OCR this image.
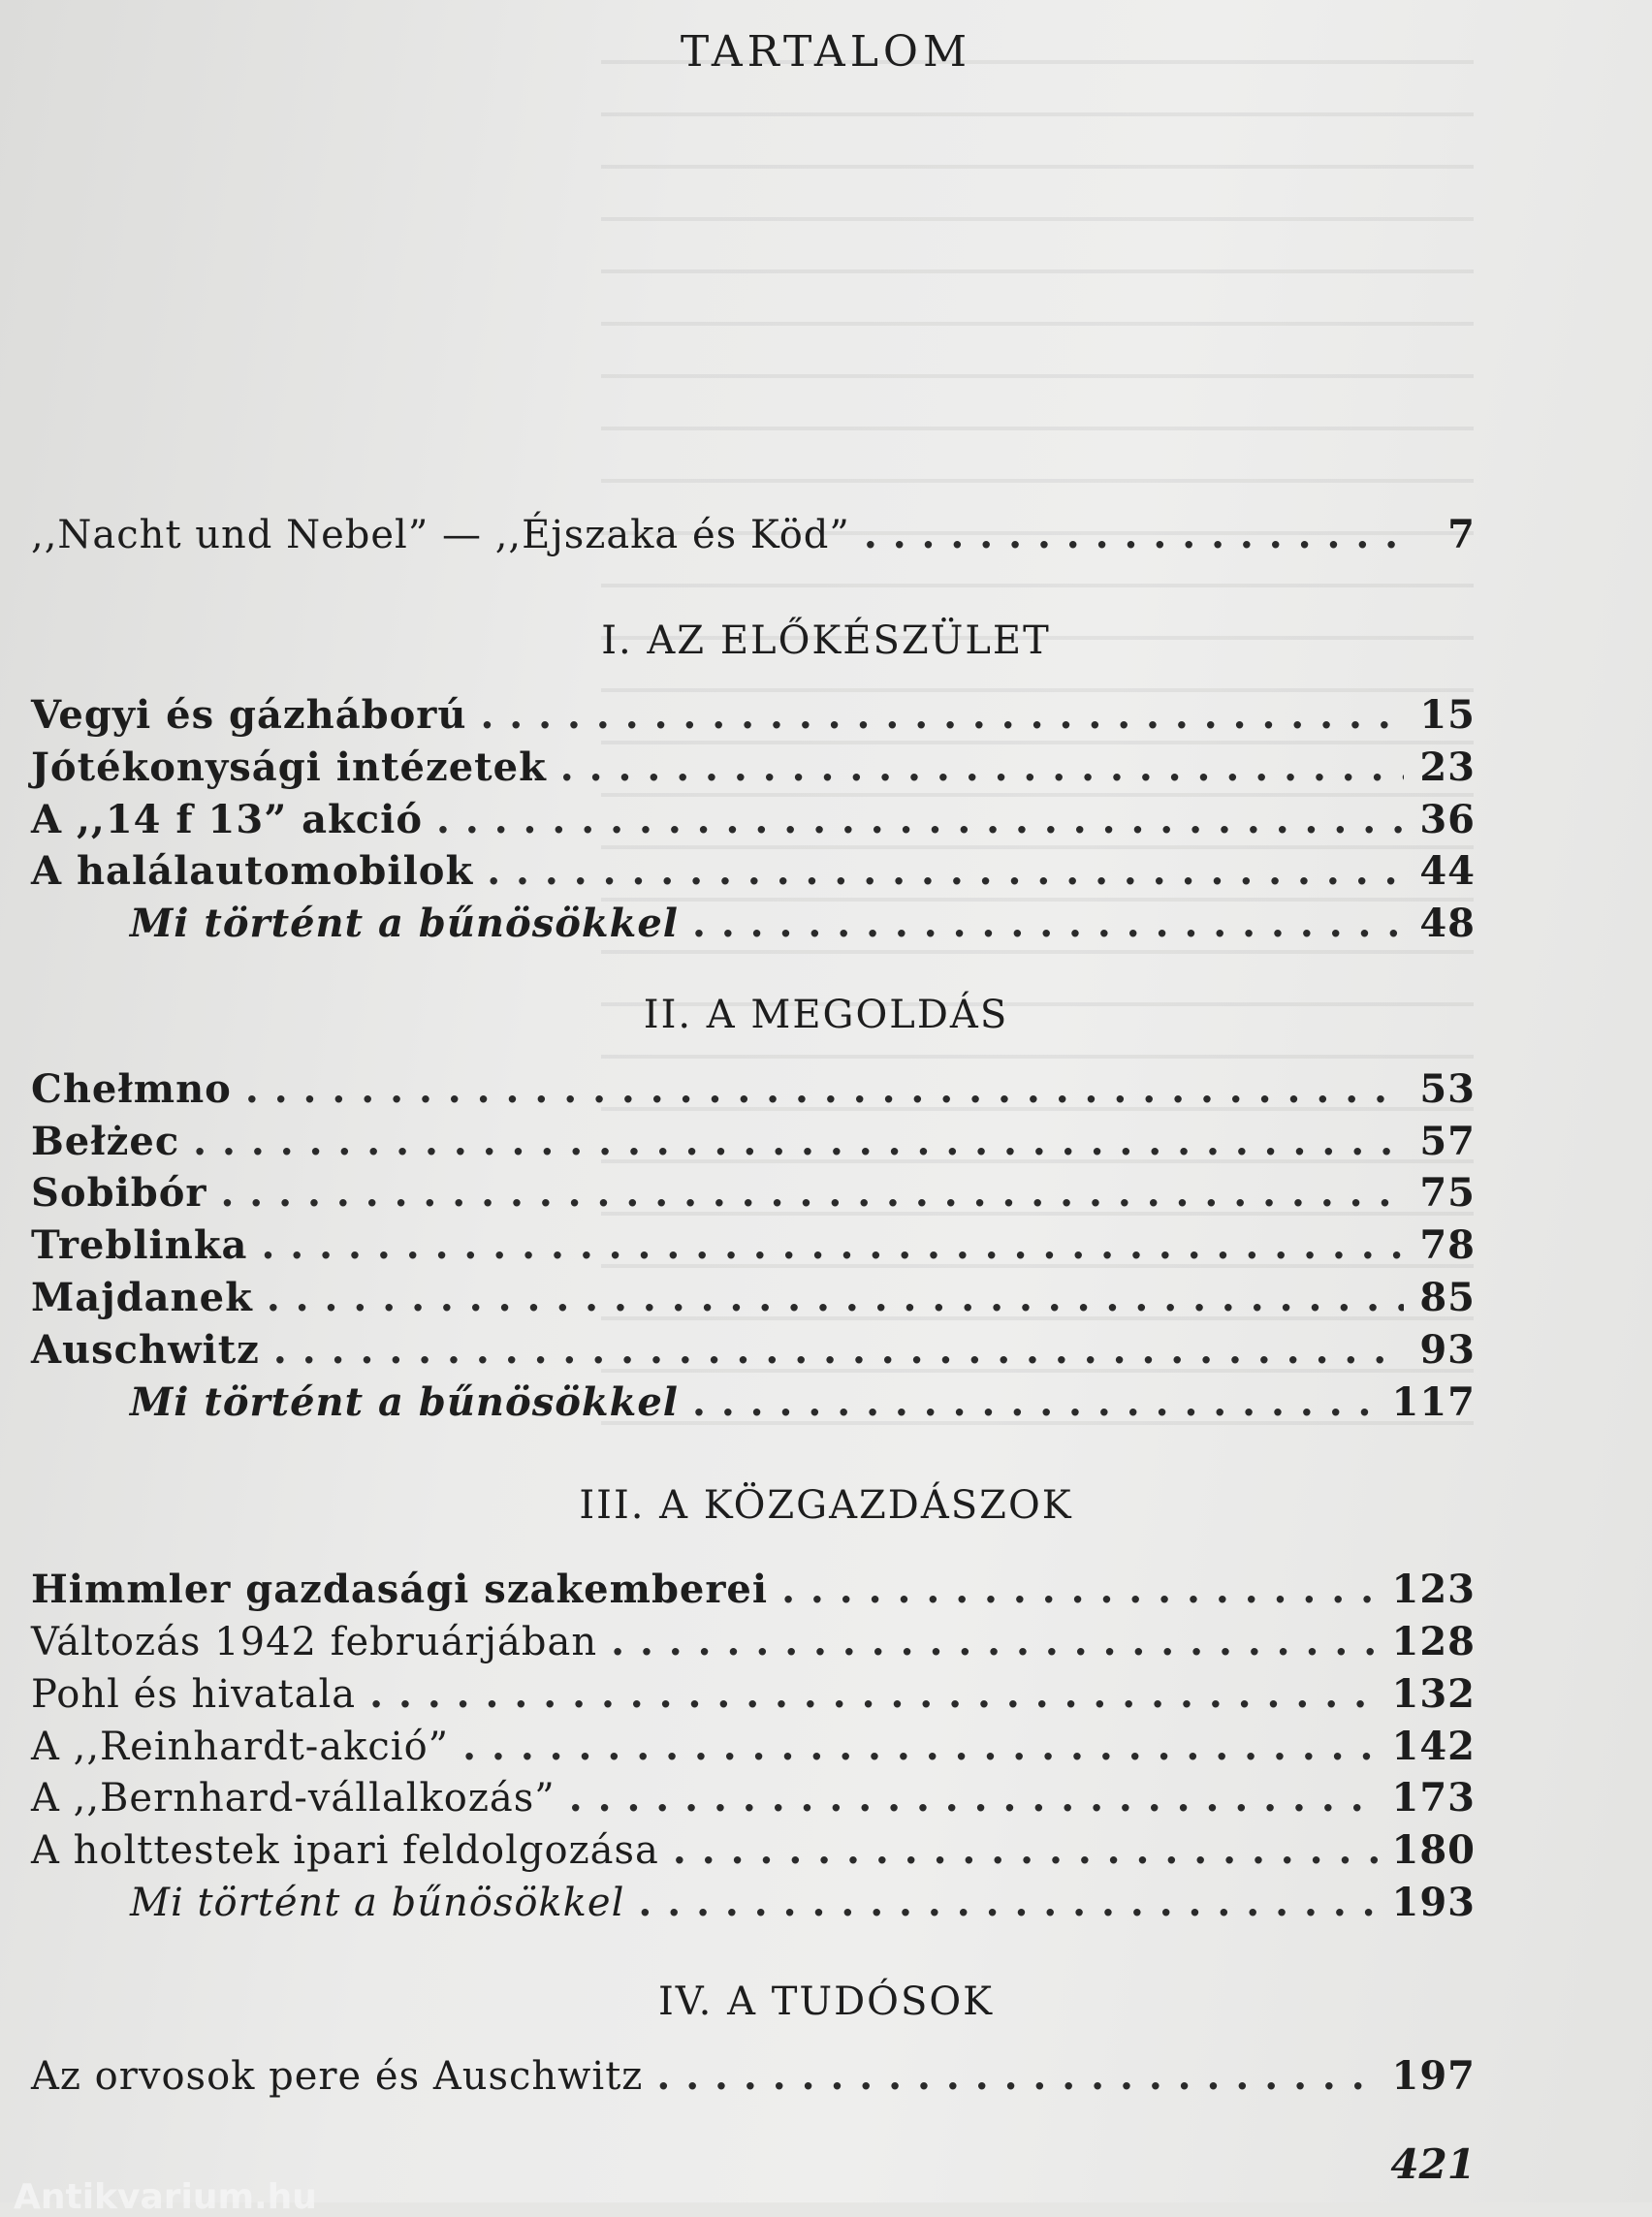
TARTALOM
,,Nacht und Nebel” — ,,Éjszaka és Köd” . . .	7
I. AZ ELŐKÉSZÜLET
Vegyi és gázháború . . .	15
Jótékonysági intézetek . . .	23
A ,,14 f 13” akció . . .	36
A halálautomobilok . . .	44
Mi történt a bűnösökkel . . .	48
II. A MEGOLDÁS
Chełmno . . .	53
Bełżec . . .	57
Sobibór . . .	75
Treblinka . . .	78
Majdanek . . .	85
Auschwitz . . .	93
Mi történt a bűnösökkel . . .	117
III. A KÖZGAZDÁSZOK
Himmler gazdasági szakemberei . . .	123
Változás 1942 februárjában . . .	128
Pohl és hivatala . . .	132
A ,,Reinhardt-akció” . . .	142
A ,,Bernhard-vállalkozás” . . .	173
A holttestek ipari feldolgozása . . .	180
Mi történt a bűnösökkel . . .	193
IV. A TUDÓSOK
Az orvosok pere és Auschwitz . . .	197
421
Antikvarium.hu
